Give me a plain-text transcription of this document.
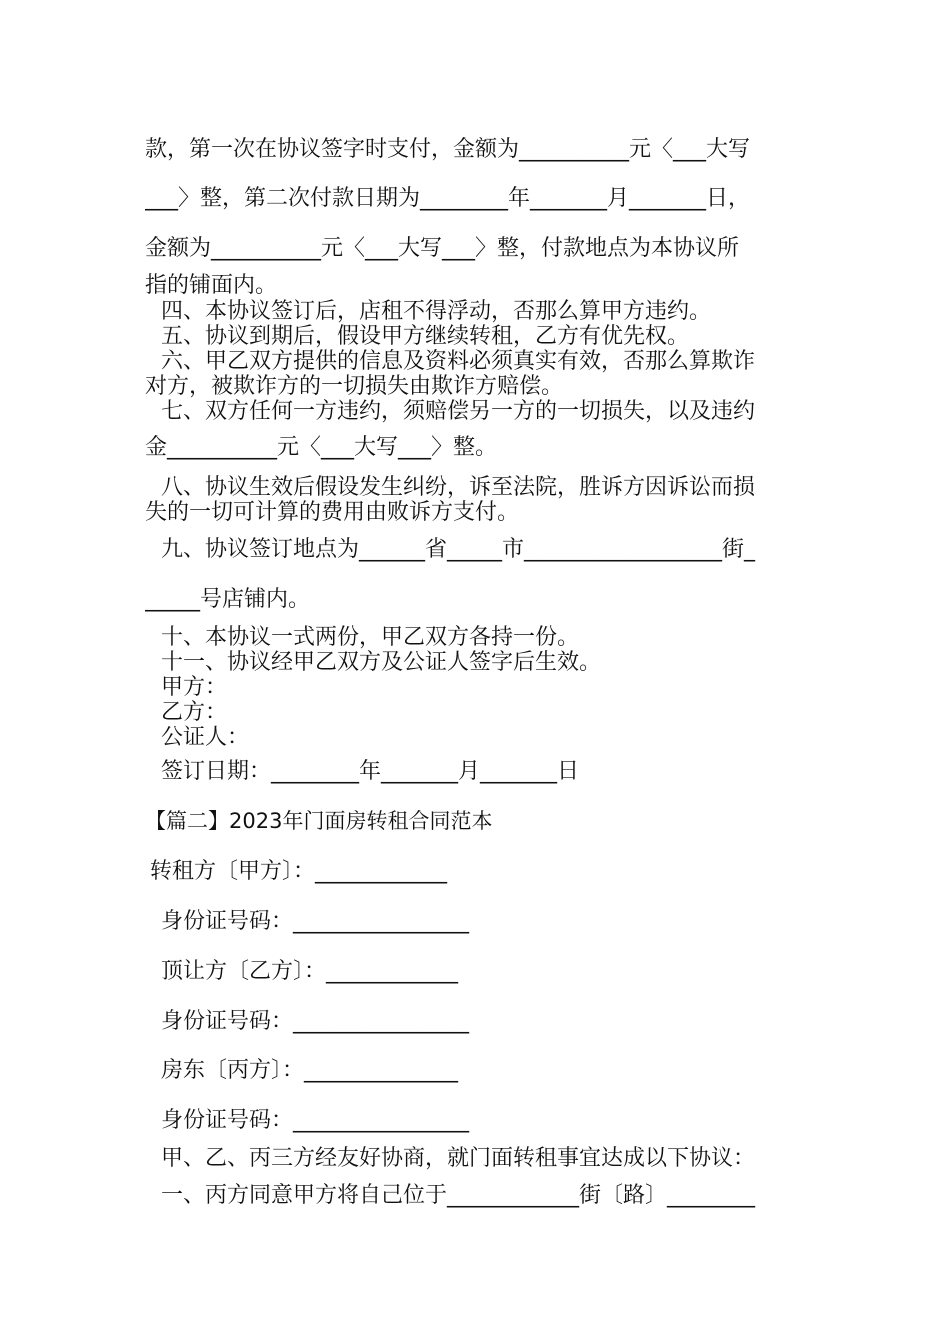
款，第一次在协议签字时支付，金额为__________元〈___大写
___〉整，第二次付款日期为________年_______月_______日，
金额为__________元〈___大写___〉整，付款地点为本协议所
指的铺面内。
四、本协议签订后，店租不得浮动，否那么算甲方违约。
五、协议到期后，假设甲方继续转租，乙方有优先权。
六、甲乙双方提供的信息及资料必须真实有效，否那么算欺诈
对方，被欺诈方的一切损失由欺诈方赔偿。
七、双方任何一方违约，须赔偿另一方的一切损失，以及违约
金__________元〈___大写___〉整。
八、协议生效后假设发生纠纷，诉至法院，胜诉方因诉讼而损
失的一切可计算的费用由败诉方支付。
九、协议签订地点为______省_____市__________________街_
_____号店铺内。
十、本协议一式两份，甲乙双方各持一份。
十一、协议经甲乙双方及公证人签字后生效。
甲方：
乙方：
公证人：
签订日期：________年_______月_______日
【篇二】2023年门面房转租合同范本
转租方〔甲方〕：____________
身份证号码：________________
顶让方〔乙方〕：____________
身份证号码：________________
房东〔丙方〕：______________
身份证号码：________________
甲、乙、丙三方经友好协商，就门面转租事宜达成以下协议：
一、丙方同意甲方将自己位于____________街〔路〕________
